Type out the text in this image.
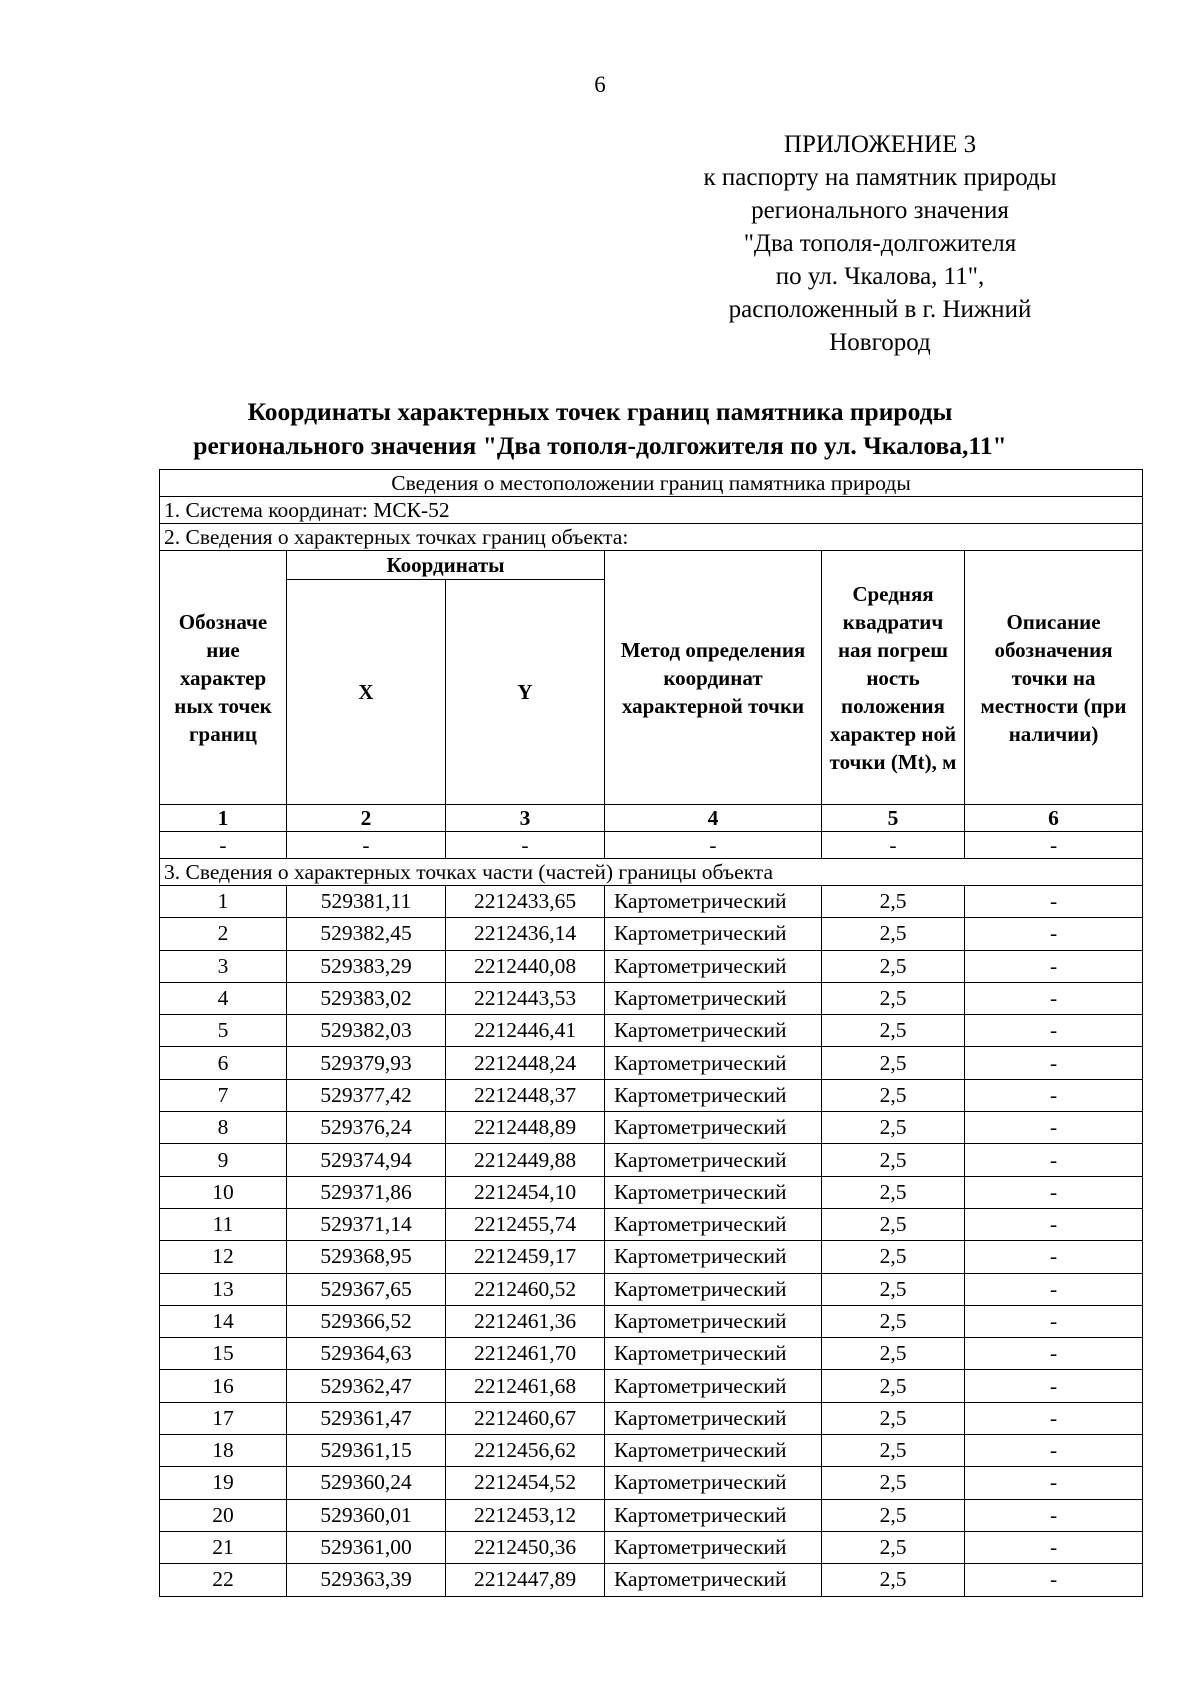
6
ПРИЛОЖЕНИЕ 3
к паспорту на памятник природы
регионального значения
"Два тополя-долгожителя
по ул. Чкалова, 11",
расположенный в г. Нижний
Новгород
Координаты характерных точек границ памятника природы
регионального значения "Два тополя-долгожителя по ул. Чкалова,11"
Сведения о местоположении границ памятника природы					
1. Система координат: МСК-52					
2. Сведения о характерных точках границ объекта:					
Обозначе ние характер ных точек границ	Координаты		Метод определения координат характерной точки	Средняя квадратич ная погреш ность положения характер ной точки (Mt), м	Описание обозначения точки на местности (при наличии)
	X	Y			
1	2	3	4	5	6
-	-	-	-	-	-
3. Сведения о характерных точках части (частей) границы объекта					
1	529381,11	2212433,65	Картометрический	2,5	-
2	529382,45	2212436,14	Картометрический	2,5	-
3	529383,29	2212440,08	Картометрический	2,5	-
4	529383,02	2212443,53	Картометрический	2,5	-
5	529382,03	2212446,41	Картометрический	2,5	-
6	529379,93	2212448,24	Картометрический	2,5	-
7	529377,42	2212448,37	Картометрический	2,5	-
8	529376,24	2212448,89	Картометрический	2,5	-
9	529374,94	2212449,88	Картометрический	2,5	-
10	529371,86	2212454,10	Картометрический	2,5	-
11	529371,14	2212455,74	Картометрический	2,5	-
12	529368,95	2212459,17	Картометрический	2,5	-
13	529367,65	2212460,52	Картометрический	2,5	-
14	529366,52	2212461,36	Картометрический	2,5	-
15	529364,63	2212461,70	Картометрический	2,5	-
16	529362,47	2212461,68	Картометрический	2,5	-
17	529361,47	2212460,67	Картометрический	2,5	-
18	529361,15	2212456,62	Картометрический	2,5	-
19	529360,24	2212454,52	Картометрический	2,5	-
20	529360,01	2212453,12	Картометрический	2,5	-
21	529361,00	2212450,36	Картометрический	2,5	-
22	529363,39	2212447,89	Картометрический	2,5	-
